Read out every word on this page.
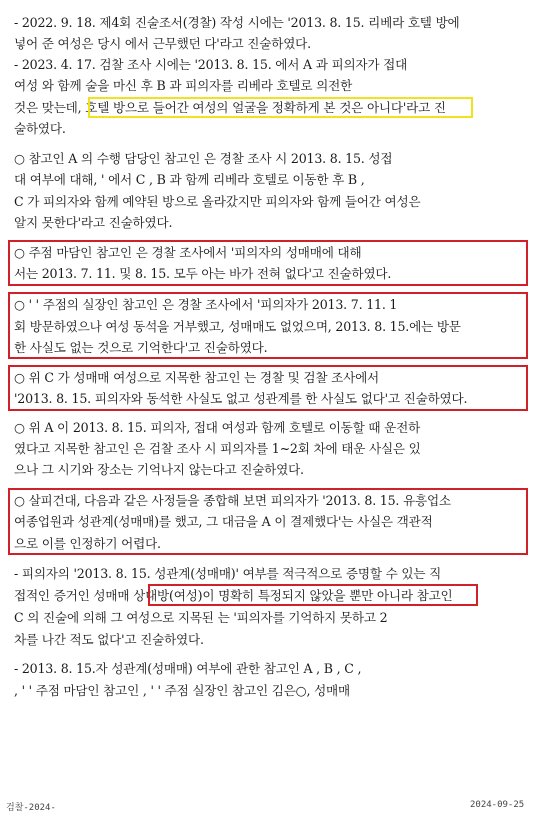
- 2022. 9. 18. 제4회 진술조서(경찰) 작성 시에는 '2013. 8. 15. 리베라 호텔 방에
넣어 준 여성은 당시 에서 근무했던 다'라고 진술하였다.
- 2023. 4. 17. 검찰 조사 시에는 '2013. 8. 15. 에서 A 과 피의자가 접대
여성 와 함께 술을 마신 후 B 과 피의자를 리베라 호텔로 의전한
것은 맞는데, 호텔 방으로 들어간 여성의 얼굴을 정확하게 본 것은 아니다'라고 진
술하였다.
○ 참고인 A 의 수행 담당인 참고인 은 경찰 조사 시 2013. 8. 15. 성접
대 여부에 대해, ' 에서 C , B 과 함께 리베라 호텔로 이동한 후 B ,
C 가 피의자와 함께 예약된 방으로 올라갔지만 피의자와 함께 들어간 여성은
알지 못한다'라고 진술하였다.
○ 주점 마담인 참고인 은 경찰 조사에서 '피의자의 성매매에 대해
서는 2013. 7. 11. 및 8. 15. 모두 아는 바가 전혀 없다'고 진술하였다.
○ ' ' 주점의 실장인 참고인 은 경찰 조사에서 '피의자가 2013. 7. 11. 1
회 방문하였으나 여성 동석을 거부했고, 성매매도 없었으며, 2013. 8. 15.에는 방문
한 사실도 없는 것으로 기억한다'고 진술하였다.
○ 위 C 가 성매매 여성으로 지목한 참고인 는 경찰 및 검찰 조사에서
'2013. 8. 15. 피의자와 동석한 사실도 없고 성관계를 한 사실도 없다'고 진술하였다.
○ 위 A 이 2013. 8. 15. 피의자, 접대 여성과 함께 호텔로 이동할 때 운전하
였다고 지목한 참고인 은 검찰 조사 시 피의자를 1~2회 차에 태운 사실은 있
으나 그 시기와 장소는 기억나지 않는다고 진술하였다.
○ 살피건대, 다음과 같은 사정들을 종합해 보면 피의자가 '2013. 8. 15. 유흥업소
여종업원과 성관계(성매매)를 했고, 그 대금을 A 이 결제했다'는 사실은 객관적
으로 이를 인정하기 어렵다.
- 피의자의 '2013. 8. 15. 성관계(성매매)' 여부를 적극적으로 증명할 수 있는 직
접적인 증거인 성매매 상대방(여성)이 명확히 특정되지 않았을 뿐만 아니라 참고인
C 의 진술에 의해 그 여성으로 지목된 는 '피의자를 기억하지 못하고 2
차를 나간 적도 없다'고 진술하였다.
- 2013. 8. 15.자 성관계(성매매) 여부에 관한 참고인 A , B , C ,
, ' ' 주점 마담인 참고인 , ' ' 주점 실장인 참고인 김은○, 성매매
검찰-2024-	2024-09-25
